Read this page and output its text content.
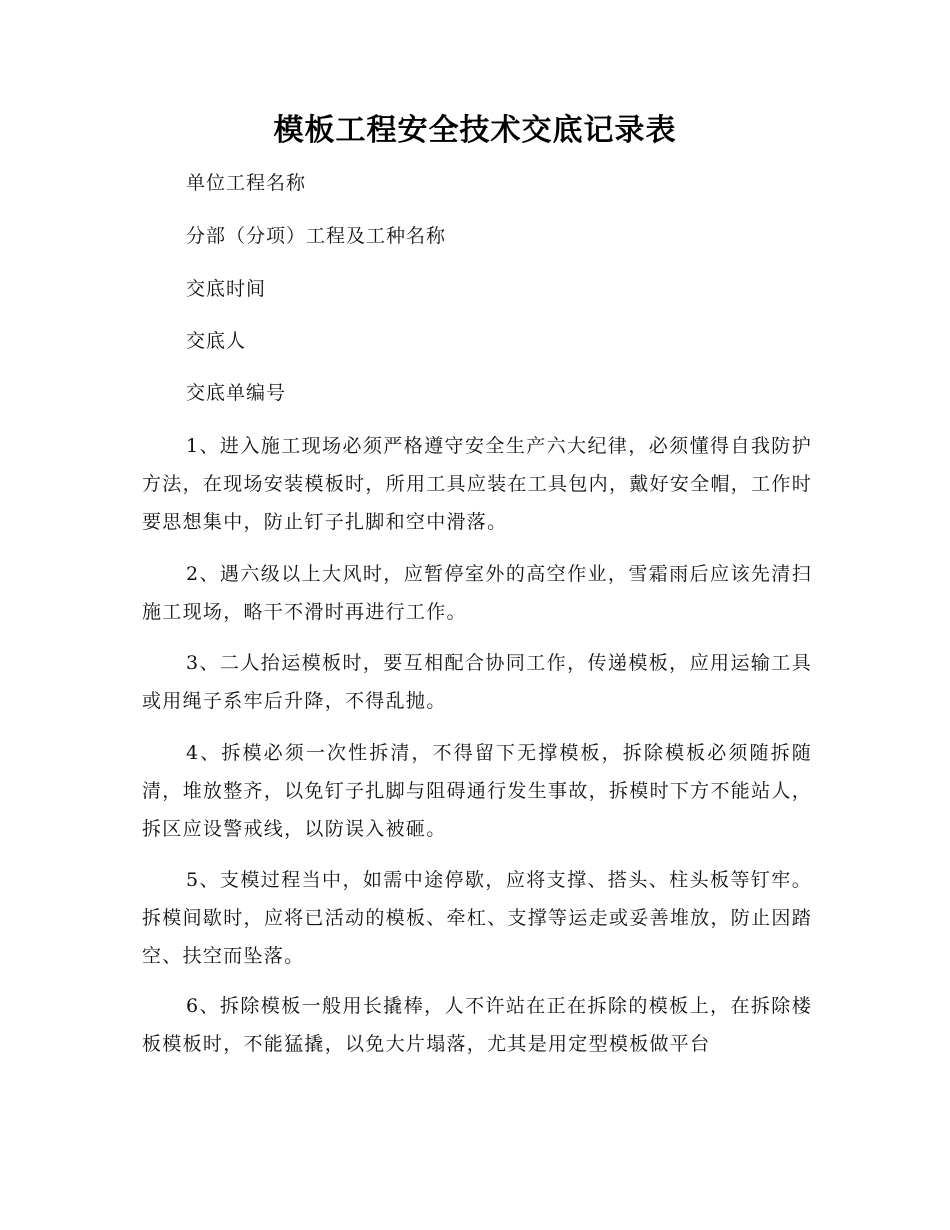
模板工程安全技术交底记录表
单位工程名称
分部（分项）工程及工种名称
交底时间
交底人
交底单编号
1、进入施工现场必须严格遵守安全生产六大纪律，必须懂得自我防护方法，在现场安装模板时，所用工具应装在工具包内，戴好安全帽，工作时要思想集中，防止钉子扎脚和空中滑落。
2、遇六级以上大风时，应暂停室外的高空作业，雪霜雨后应该先清扫施工现场，略干不滑时再进行工作。
3、二人抬运模板时，要互相配合协同工作，传递模板，应用运输工具或用绳子系牢后升降，不得乱抛。
4、拆模必须一次性拆清，不得留下无撑模板，拆除模板必须随拆随清，堆放整齐，以免钉子扎脚与阻碍通行发生事故，拆模时下方不能站人，拆区应设警戒线，以防误入被砸。
5、支模过程当中，如需中途停歇，应将支撑、搭头、柱头板等钉牢。拆模间歇时，应将已活动的模板、牵杠、支撑等运走或妥善堆放，防止因踏空、扶空而坠落。
6、拆除模板一般用长撬棒，人不许站在正在拆除的模板上，在拆除楼板模板时，不能猛撬，以免大片塌落，尤其是用定型模板做平台
